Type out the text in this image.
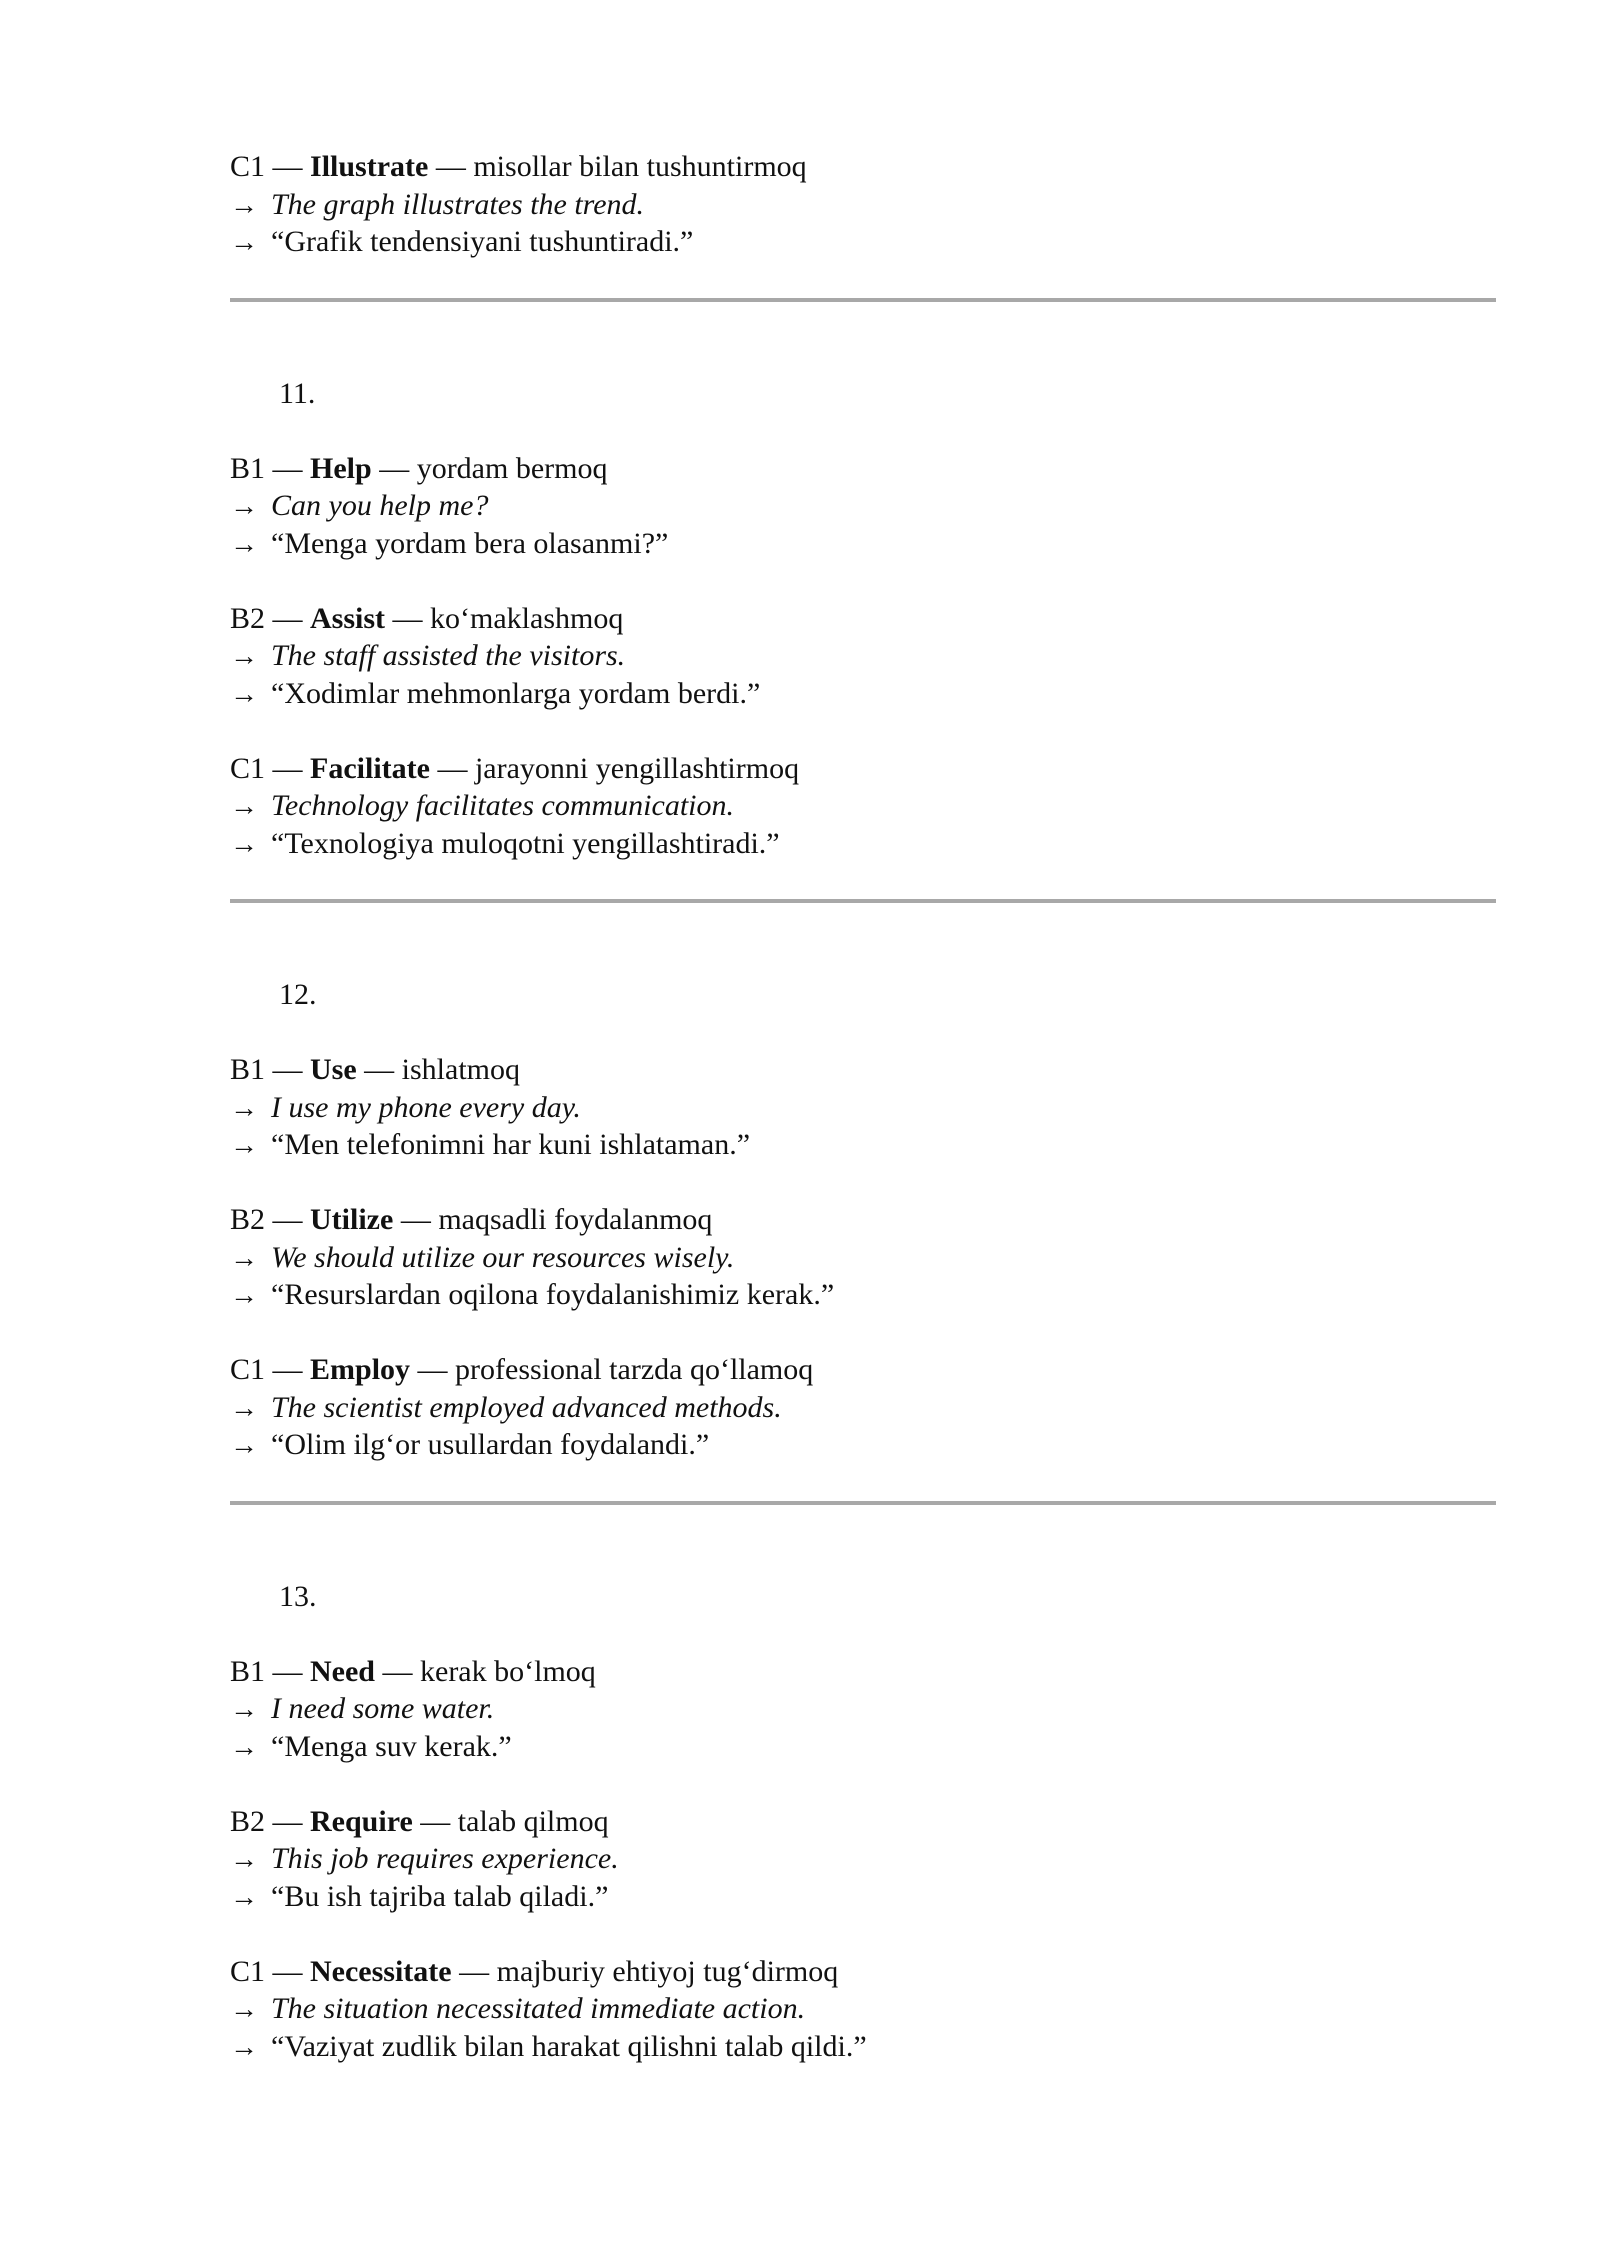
C1 — Illustrate — misollar bilan tushuntirmoq
→ The graph illustrates the trend.
→ “Grafik tendensiyani tushuntiradi.”
11.
B1 — Help — yordam bermoq
→ Can you help me?
→ “Menga yordam bera olasanmi?”
B2 — Assist — ko‘maklashmoq
→ The staff assisted the visitors.
→ “Xodimlar mehmonlarga yordam berdi.”
C1 — Facilitate — jarayonni yengillashtirmoq
→ Technology facilitates communication.
→ “Texnologiya muloqotni yengillashtiradi.”
12.
B1 — Use — ishlatmoq
→ I use my phone every day.
→ “Men telefonimni har kuni ishlataman.”
B2 — Utilize — maqsadli foydalanmoq
→ We should utilize our resources wisely.
→ “Resurslardan oqilona foydalanishimiz kerak.”
C1 — Employ — professional tarzda qo‘llamoq
→ The scientist employed advanced methods.
→ “Olim ilg‘or usullardan foydalandi.”
13.
B1 — Need — kerak bo‘lmoq
→ I need some water.
→ “Menga suv kerak.”
B2 — Require — talab qilmoq
→ This job requires experience.
→ “Bu ish tajriba talab qiladi.”
C1 — Necessitate — majburiy ehtiyoj tug‘dirmoq
→ The situation necessitated immediate action.
→ “Vaziyat zudlik bilan harakat qilishni talab qildi.”
